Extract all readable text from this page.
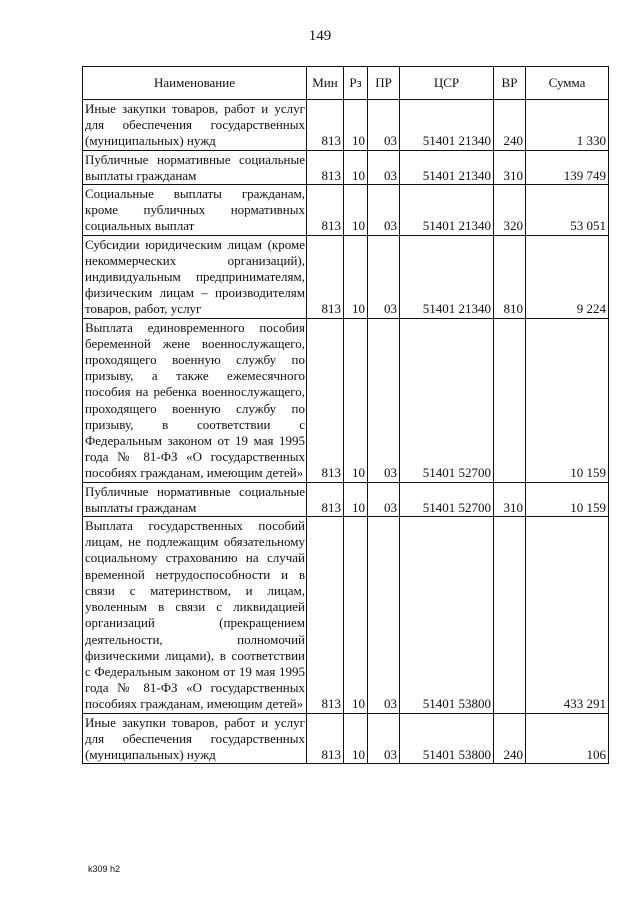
149
Наименование	Мин	Рз	ПР	ЦСР	ВР	Сумма
Иные закупки товаров, работ и услуг для обеспечения государственных (муниципальных) нужд	813	10	03	51401 21340	240	1 330
Публичные нормативные социальные выплаты гражданам	813	10	03	51401 21340	310	139 749
Социальные выплаты гражданам, кроме публичных нормативных социальных выплат	813	10	03	51401 21340	320	53 051
Субсидии юридическим лицам (кроме некоммерческих организаций), индивидуальным предпринимателям, физическим лицам – производителям товаров, работ, услуг	813	10	03	51401 21340	810	9 224
Выплата единовременного пособия беременной жене военнослужащего, проходящего военную службу по призыву, а также ежемесячного пособия на ребенка военнослужащего, проходящего военную службу по призыву, в соответствии с Федеральным законом от 19 мая 1995 года № 81-ФЗ «О государственных пособиях гражданам, имеющим детей»	813	10	03	51401 52700		10 159
Публичные нормативные социальные выплаты гражданам	813	10	03	51401 52700	310	10 159
Выплата государственных пособий лицам, не подлежащим обязательному социальному страхованию на случай временной нетрудоспособности и в связи с материнством, и лицам, уволенным в связи с ликвидацией организаций (прекращением деятельности, полномочий физическими лицами), в соответствии с Федеральным законом от 19 мая 1995 года № 81-ФЗ «О государственных пособиях гражданам, имеющим детей»	813	10	03	51401 53800		433 291
Иные закупки товаров, работ и услуг для обеспечения государственных (муниципальных) нужд	813	10	03	51401 53800	240	106
k309 h2
